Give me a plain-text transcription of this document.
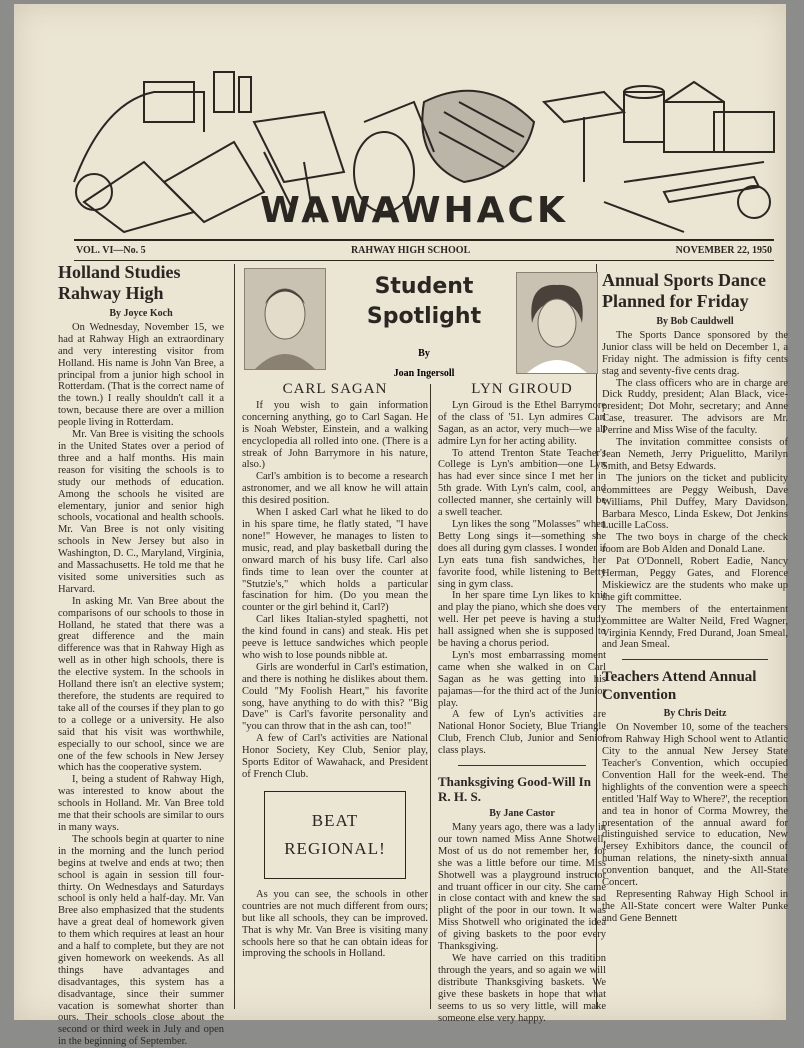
WAWAWHACK
VOL. VI—No. 5	RAHWAY HIGH SCHOOL	NOVEMBER 22, 1950
Holland Studies Rahway High
By Joyce Koch

On Wednesday, November 15, we had at Rahway High an extraordinary and very interesting visitor from Holland. His name is John Van Bree, a principal from a junior high school in Rotterdam. (That is the correct name of the town.) I really shouldn't call it a town, because there are over a million people living in Rotterdam.

Mr. Van Bree is visiting the schools in the United States over a period of three and a half months. His main reason for visiting the schools is to study our methods of education. Among the schools he visited are elementary, junior and senior high schools, vocational and health schools. Mr. Van Bree is not only visiting schools in New Jersey but also in Washington, D. C., Maryland, Virginia, and Massachusetts. He told me that he visited some universities such as Harvard.

In asking Mr. Van Bree about the comparisons of our schools to those in Holland, he stated that there was a great difference and the main difference was that in Rahway High as well as in other high schools, there is the elective system. In the schools in Holland there isn't an elective system; therefore, the students are required to take all of the courses if they plan to go to a college or a university. He also said that his visit was worthwhile, especially to our school, since we are one of the few schools in New Jersey which has the cooperative system.

I, being a student of Rahway High, was interested to know about the schools in Holland. Mr. Van Bree told me that their schools are similar to ours in many ways.

The schools begin at quarter to nine in the morning and the lunch period begins at twelve and ends at two; then school is again in session till four-thirty. On Wednesdays and Saturdays school is only held a half-day. Mr. Van Bree also emphasized that the students have a great deal of homework given to them which requires at least an hour and a half to complete, but they are not given homework on weekends. As all things have advantages and disadvantages, this system has a disadvantage, since their summer vacation is somewhat shorter than ours. Their schools close about the second or third week in July and open in the beginning of September.

Student
Spotlight
By
Joan Ingersoll
CARL SAGAN

If you wish to gain information concerning anything, go to Carl Sagan. He is Noah Webster, Einstein, and a walking encyclopedia all rolled into one. (There is a streak of John Barrymore in his nature, also.)

Carl's ambition is to become a research astronomer, and we all know he will attain this desired position.

When I asked Carl what he liked to do in his spare time, he flatly stated, "I have none!" However, he manages to listen to music, read, and play basketball during the onward march of his busy life. Carl also finds time to lean over the counter at "Stutzie's," which holds a particular fascination for him. (Do you mean the counter or the girl behind it, Carl?)

Carl likes Italian-styled spaghetti, not the kind found in cans) and steak. His pet peeve is lettuce sandwiches which people who wish to lose pounds nibble at.

Girls are wonderful in Carl's estimation, and there is nothing he dislikes about them. Could "My Foolish Heart," his favorite song, have anything to do with this? "Big Dave" is Carl's favorite personality and "you can throw that in the ash can, too!"

A few of Carl's activities are National Honor Society, Key Club, Senior play, Sports Editor of Wawahack, and President of French Club.

BEAT
REGIONAL!

As you can see, the schools in other countries are not much different from ours; but like all schools, they can be improved. That is why Mr. Van Bree is visiting many schools here so that he can obtain ideas for improving the schools in Holland.

LYN GIROUD

Lyn Giroud is the Ethel Barrymore of the class of '51. Lyn admires Carl Sagan, as an actor, very much—we all admire Lyn for her acting ability.

To attend Trenton State Teacher's College is Lyn's ambition—one Lyn has had ever since since I met her in 5th grade. With Lyn's calm, cool, and collected manner, she certainly will be a swell teacher.

Lyn likes the song "Molasses" when Betty Long sings it—something she does all during gym classes. I wonder if Lyn eats tuna fish sandwiches, her favorite food, while listening to Betty sing in gym class.

In her spare time Lyn likes to knit and play the piano, which she does very well. Her pet peeve is having a study hall assigned when she is supposed to be having a chorus period.

Lyn's most embarrassing moment came when she walked in on Carl Sagan as he was getting into his pajamas—for the third act of the Junior play.

A few of Lyn's activities are National Honor Society, Blue Triangle Club, French Club, Junior and Senior class plays.

Thanksgiving Good-Will In R. H. S.
By Jane Castor

Many years ago, there was a lady in our town named Miss Anne Shotwell. Most of us do not remember her, for she was a little before our time. Miss Shotwell was a playground instructor and truant officer in our city. She came in close contact with and knew the sad plight of the poor in our town. It was Miss Shotwell who originated the idea of giving baskets to the poor every Thanksgiving.

We have carried on this tradition through the years, and so again we will distribute Thanksgiving baskets. We give these baskets in hope that what seems to us so very little, will make someone else very happy.

Annual Sports Dance Planned for Friday
By Bob Cauldwell

The Sports Dance sponsored by the Junior class will be held on December 1, a Friday night. The admission is fifty cents stag and seventy-five cents drag.

The class officers who are in charge are Dick Ruddy, president; Alan Black, vice-president; Dot Mohr, secretary; and Anne Case, treasurer. The advisors are Mr. Perrine and Miss Wise of the faculty.

The invitation committee consists of Jean Nemeth, Jerry Priguelitto, Marilyn Smith, and Betsy Edwards.

The juniors on the ticket and publicity committees are Peggy Weibush, Dave Williams, Phil Duffey, Mary Davidson, Barbara Mesco, Linda Eskew, Dot Jenkins Lucille LaCoss.

The two boys in charge of the check room are Bob Alden and Donald Lane.

Pat O'Donnell, Robert Eadie, Nancy Herman, Peggy Gates, and Florence Miskiewicz are the students who make up the gift committee.

The members of the entertainment committee are Walter Neild, Fred Wagner, Virginia Kenndy, Fred Durand, Joan Smeal, and Jean Smeal.

Teachers Attend Annual Convention
By Chris Deitz

On November 10, some of the teachers from Rahway High School went to Atlantic City to the annual New Jersey State Teacher's Convention, which occupied Convention Hall for the week-end. The highlights of the convention were a speech entitled 'Half Way to Where?', the reception and tea in honor of Corma Mowrey, the presentation of the annual award for distinguished service to education, New Jersey Exhibitors dance, the council of human relations, the ninety-sixth annual convention banquet, and the All-State Concert.

Representing Rahway High School in the All-State concert were Walter Punke and Gene Bennett
